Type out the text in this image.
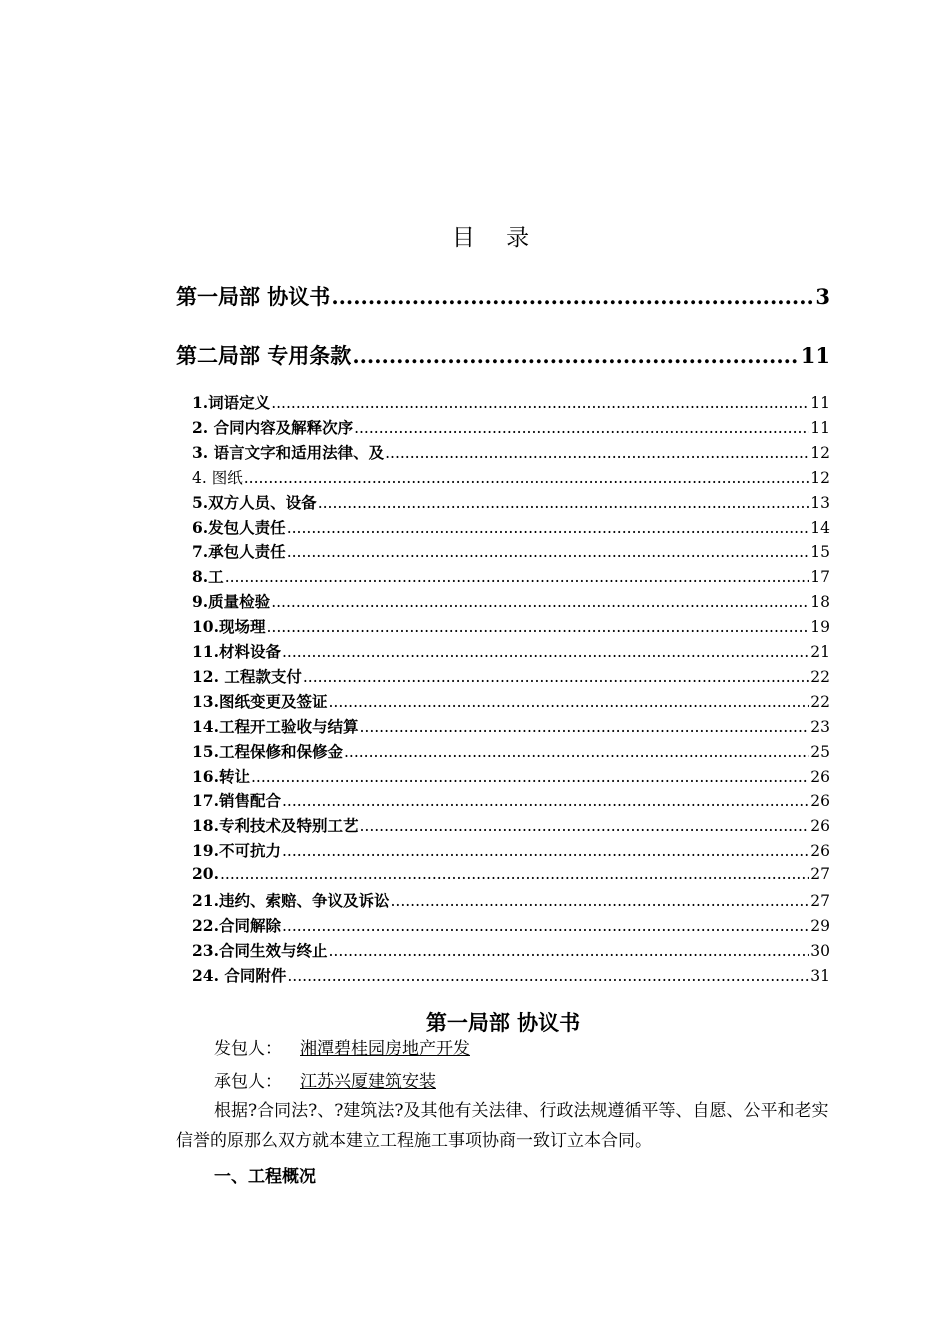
目 录
第一局部 协议书 .....	3
第二局部 专用条款 .....	11
1.词语定义 .....	11
2. 合同内容及解释次序 .....	11
3. 语言文字和适用法律、及 .....	12
4. 图纸 .....	12
5.双方人员、设备 .....	13
6.发包人责任 .....	14
7.承包人责任 .....	15
8.工 .....	17
9.质量检验 .....	18
10.现场理 .....	19
11.材料设备 .....	21
12. 工程款支付 .....	22
13.图纸变更及签证 .....	22
14.工程开工验收与结算 .....	23
15.工程保修和保修金 .....	25
16.转让 .....	26
17.销售配合 .....	26
18.专利技术及特别工艺 .....	26
19.不可抗力 .....	26
20. .....	27
21.违约、索赔、争议及诉讼 .....	27
22.合同解除 .....	29
23.合同生效与终止 .....	30
24. 合同附件 .....	31
第一局部 协议书
发包人： 湘潭碧桂园房地产开发
承包人： 江苏兴厦建筑安装
根据?合同法?、?建筑法?及其他有关法律、行政法规遵循平等、自愿、公平和老实信誉的原那么双方就本建立工程施工事项协商一致订立本合同。
一、工程概况
